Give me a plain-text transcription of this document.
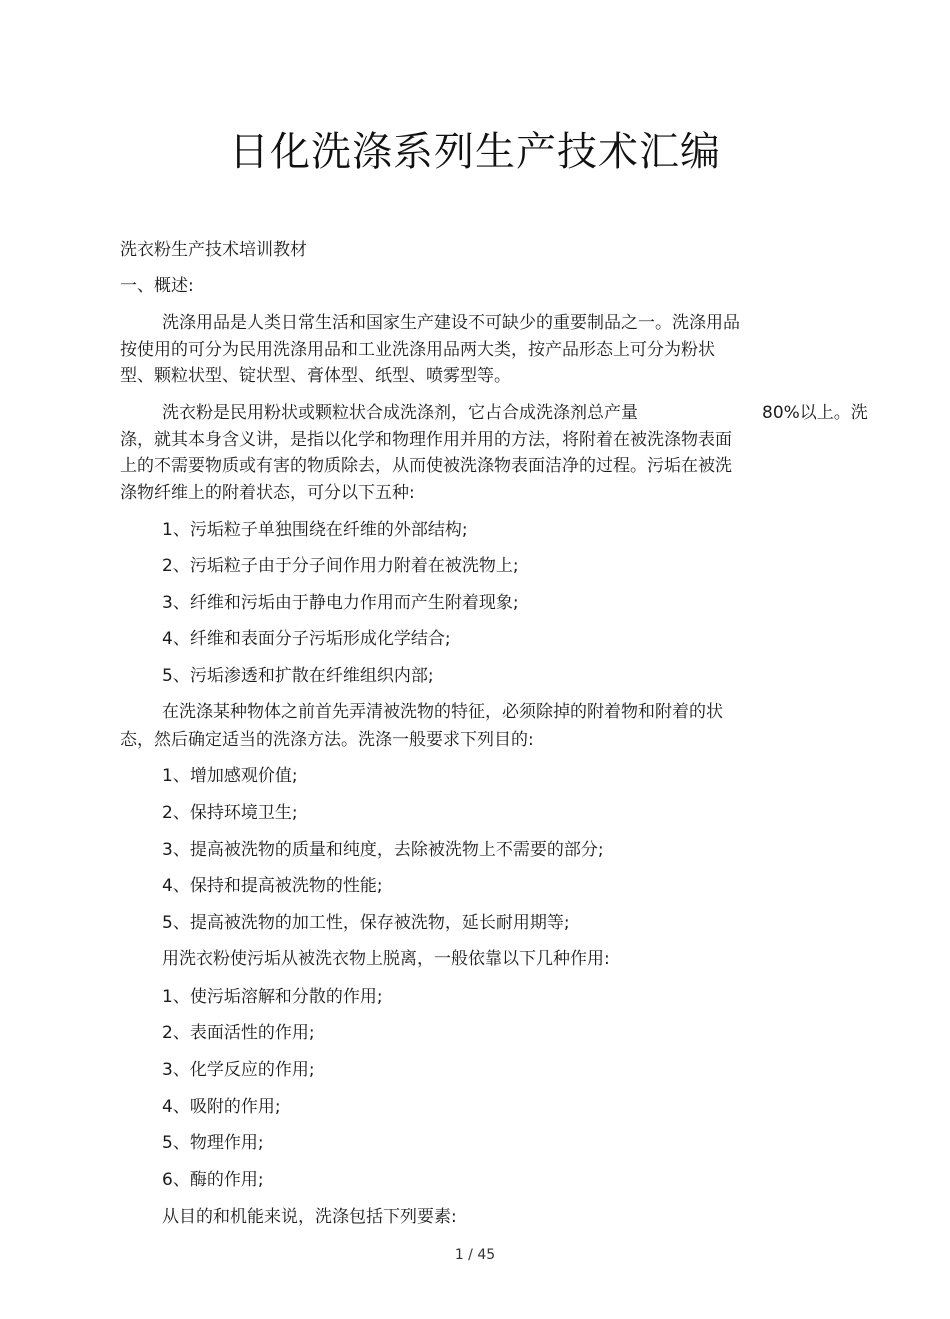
日化洗涤系列生产技术汇编
洗衣粉生产技术培训教材
一、概述:
洗涤用品是人类日常生活和国家生产建设不可缺少的重要制品之一。洗涤用品
按使用的可分为民用洗涤用品和工业洗涤用品两大类，按产品形态上可分为粉状
型、颗粒状型、锭状型、膏体型、纸型、喷雾型等。
洗衣粉是民用粉状或颗粒状合成洗涤剂，它占合成洗涤剂总产量	80%以上。洗
涤，就其本身含义讲，是指以化学和物理作用并用的方法，将附着在被洗涤物表面
上的不需要物质或有害的物质除去，从而使被洗涤物表面洁净的过程。污垢在被洗
涤物纤维上的附着状态，可分以下五种:
1、污垢粒子单独围绕在纤维的外部结构;
2、污垢粒子由于分子间作用力附着在被洗物上;
3、纤维和污垢由于静电力作用而产生附着现象;
4、纤维和表面分子污垢形成化学结合;
5、污垢渗透和扩散在纤维组织内部;
在洗涤某种物体之前首先弄清被洗物的特征，必须除掉的附着物和附着的状
态，然后确定适当的洗涤方法。洗涤一般要求下列目的:
1、增加感观价值;
2、保持环境卫生;
3、提高被洗物的质量和纯度，去除被洗物上不需要的部分;
4、保持和提高被洗物的性能;
5、提高被洗物的加工性，保存被洗物，延长耐用期等;
用洗衣粉使污垢从被洗衣物上脱离，一般依靠以下几种作用:
1、使污垢溶解和分散的作用;
2、表面活性的作用;
3、化学反应的作用;
4、吸附的作用;
5、物理作用;
6、酶的作用;
从目的和机能来说，洗涤包括下列要素:
1 / 45
